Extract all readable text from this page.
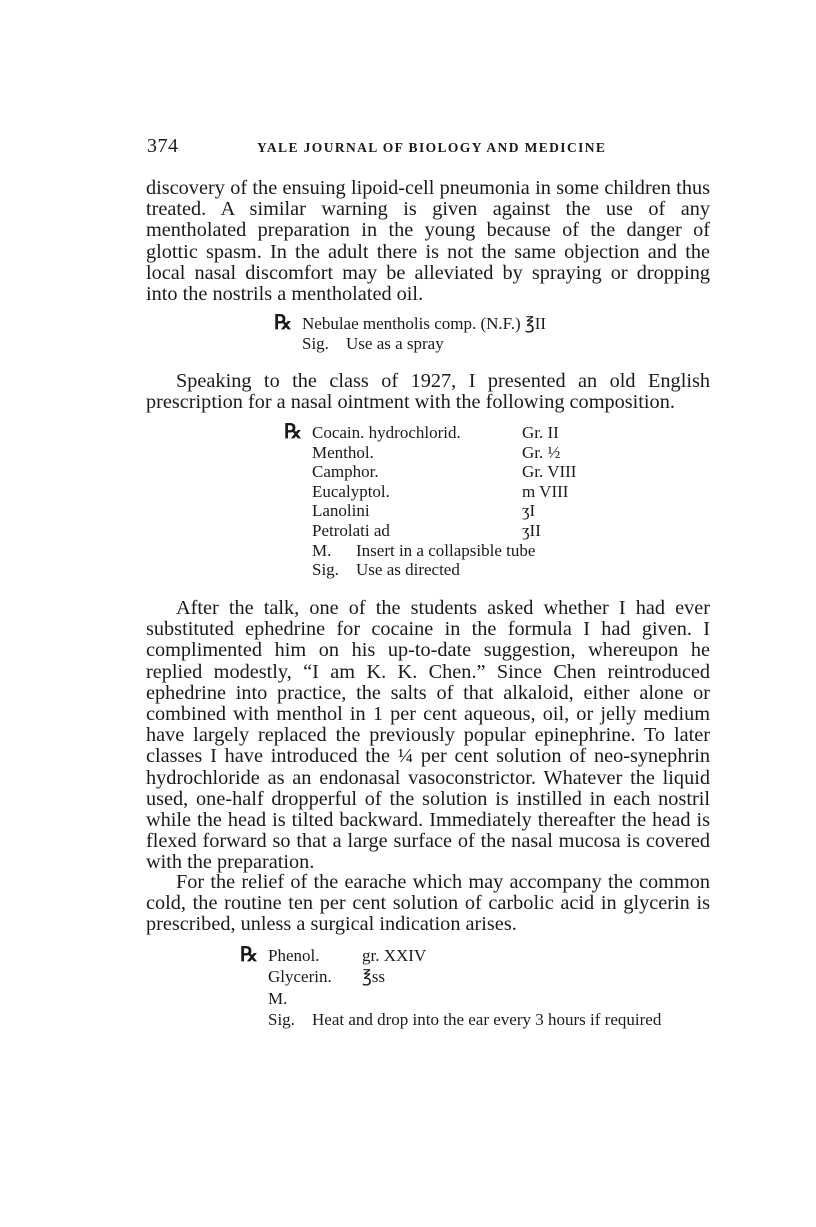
374	YALE JOURNAL OF BIOLOGY AND MEDICINE

discovery of the ensuing lipoid-cell pneumonia in some children thus treated. A similar warning is given against the use of any mentholated preparation in the young because of the danger of glottic spasm. In the adult there is not the same objection and the local nasal discomfort may be alleviated by spraying or dropping into the nostrils a mentholated oil.

℞ Nebulae mentholis comp. (N.F.) ℥II
Sig. Use as a spray

Speaking to the class of 1927, I presented an old English prescription for a nasal ointment with the following composition.

℞ Cocain. hydrochlorid.	Gr. II
Menthol.	Gr. ½
Camphor.	Gr. VIII
Eucalyptol.	m VIII
Lanolini	ʒI
Petrolati ad	ʒII
M. Insert in a collapsible tube
Sig. Use as directed

After the talk, one of the students asked whether I had ever substituted ephedrine for cocaine in the formula I had given. I complimented him on his up-to-date suggestion, whereupon he replied modestly, “I am K. K. Chen.” Since Chen reintroduced ephedrine into practice, the salts of that alkaloid, either alone or combined with menthol in 1 per cent aqueous, oil, or jelly medium have largely replaced the previously popular epinephrine. To later classes I have introduced the ¼ per cent solution of neo-synephrin hydrochloride as an endonasal vasoconstrictor. Whatever the liquid used, one-half dropperful of the solution is instilled in each nostril while the head is tilted backward. Immediately thereafter the head is flexed forward so that a large surface of the nasal mucosa is covered with the preparation.

For the relief of the earache which may accompany the common cold, the routine ten per cent solution of carbolic acid in glycerin is prescribed, unless a surgical indication arises.

℞ Phenol.	gr. XXIV
Glycerin. ℥ss
M.
Sig. Heat and drop into the ear every 3 hours if required
